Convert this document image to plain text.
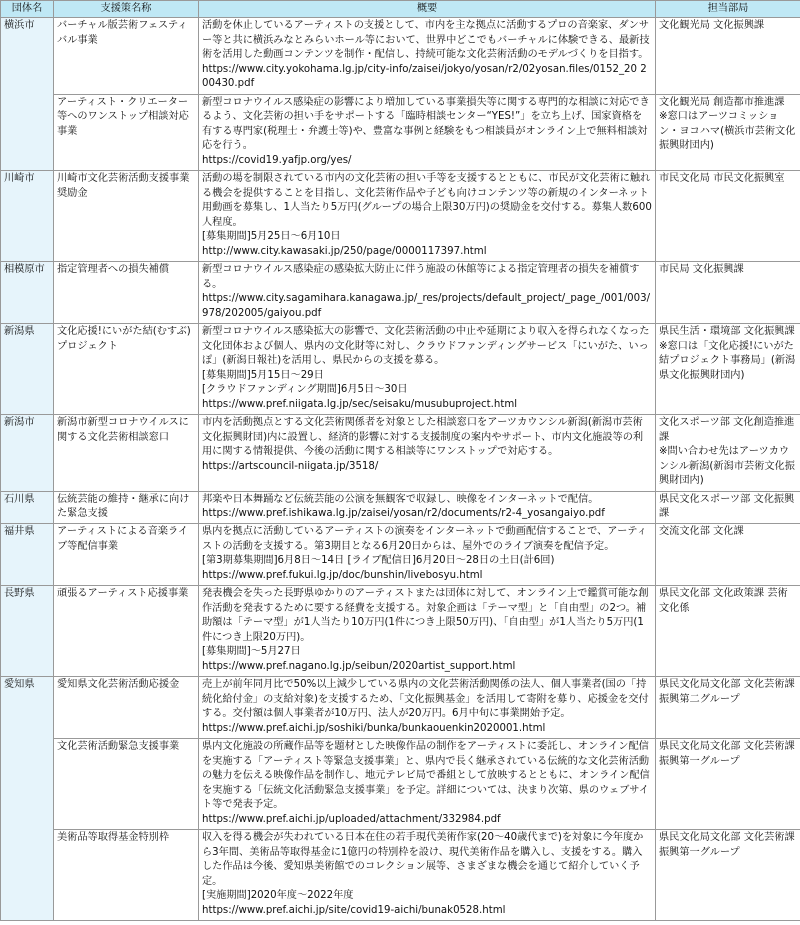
団体名	支援策名称	概要	担当部局
横浜市	バーチャル版芸術フェスティバル事業	活動を休止しているアーティストの支援として、市内を主な拠点に活動するプロの音楽家、ダンサー等と共に横浜みなとみらいホール等において、世界中どこでもバーチャルに体験できる、最新技術を活用した動画コンテンツを制作・配信し、持続可能な文化芸術活動のモデルづくりを目指す。
https://www.city.yokohama.lg.jp/city-info/zaisei/jokyo/yosan/r2/02yosan.files/0152_20 200430.pdf	文化観光局 文化振興課

	アーティスト・クリエーター等へのワンストップ相談対応事業	新型コロナウイルス感染症の影響により増加している事業損失等に関する専門的な相談に対応できるよう、文化芸術の担い手をサポートする「臨時相談センター“YES!”」を立ち上げ、国家資格を有する専門家(税理士・弁護士等)や、豊富な事例と経験をもつ相談員がオンライン上で無料相談対応を行う。
https://covid19.yafjp.org/yes/	文化観光局 創造都市推進課
※窓口はアーツコミッション・ヨコハマ(横浜市芸術文化振興財団内)

川崎市	川崎市文化芸術活動支援事業奨励金	活動の場を制限されている市内の文化芸術の担い手等を支援するとともに、市民が文化芸術に触れる機会を提供することを目指し、文化芸術作品や子ども向けコンテンツ等の新規のインターネット用動画を募集し、1人当たり5万円(グループの場合上限30万円)の奨励金を交付する。募集人数600人程度。
[募集期間]5月25日～6月10日
http://www.city.kawasaki.jp/250/page/0000117397.html	市民文化局 市民文化振興室

相模原市	指定管理者への損失補償	新型コロナウイルス感染症の感染拡大防止に伴う施設の休館等による指定管理者の損失を補償する。
https://www.city.sagamihara.kanagawa.jp/_res/projects/default_project/_page_/001/003/978/202005/gaiyou.pdf	市民局 文化振興課

新潟県	文化応援!にいがた結(むすぶ)プロジェクト	新型コロナウイルス感染拡大の影響で、文化芸術活動の中止や延期により収入を得られなくなった文化団体および個人、県内の文化財等に対し、クラウドファンディングサービス「にいがた、いっぽ」(新潟日報社)を活用し、県民からの支援を募る。
[募集期間]5月15日～29日
[クラウドファンディング期間]6月5日～30日
https://www.pref.niigata.lg.jp/sec/seisaku/musubuproject.html	県民生活・環境部 文化振興課
※窓口は「文化応援!にいがた結プロジェクト事務局」(新潟県文化振興財団内)

新潟市	新潟市新型コロナウイルスに関する文化芸術相談窓口	市内を活動拠点とする文化芸術関係者を対象とした相談窓口をアーツカウンシル新潟(新潟市芸術文化振興財団)内に設置し、経済的影響に対する支援制度の案内やサポート、市内文化施設等の利用に関する情報提供、今後の活動に関する相談等にワンストップで対応する。
https://artscouncil-niigata.jp/3518/	文化スポーツ部 文化創造推進課
※問い合わせ先はアーツカウンシル新潟(新潟市芸術文化振興財団内)

石川県	伝統芸能の維持・継承に向けた緊急支援	邦楽や日本舞踊など伝統芸能の公演を無観客で収録し、映像をインターネットで配信。
https://www.pref.ishikawa.lg.jp/zaisei/yosan/r2/documents/r2-4_yosangaiyo.pdf	県民文化スポーツ部 文化振興課

福井県	アーティストによる音楽ライブ等配信事業	県内を拠点に活動しているアーティストの演奏をインターネットで動画配信することで、アーティストの活動を支援する。第3期目となる6月20日からは、屋外でのライブ演奏を配信予定。
[第3期募集期間]6月8日～14日 [ライブ配信日]6月20日～28日の土日(計6回)
https://www.pref.fukui.lg.jp/doc/bunshin/livebosyu.html	交流文化部 文化課

長野県	頑張るアーティスト応援事業	発表機会を失った長野県ゆかりのアーティストまたは団体に対して、オンライン上で鑑賞可能な創作活動を発表するために要する経費を支援する。対象企画は「テーマ型」と「自由型」の2つ。補助額は「テーマ型」が1人当たり10万円(1件につき上限50万円)、「自由型」が1人当たり5万円(1件につき上限20万円)。
[募集期間]～5月27日
https://www.pref.nagano.lg.jp/seibun/2020artist_support.html	県民文化部 文化政策課 芸術文化係

愛知県	愛知県文化芸術活動応援金	売上が前年同月比で50%以上減少している県内の文化芸術活動関係の法人、個人事業者(国の「持続化給付金」の支給対象)を支援するため、「文化振興基金」を活用して寄附を募り、応援金を交付する。交付額は個人事業者が10万円、法人が20万円。6月中旬に事業開始予定。
https://www.pref.aichi.jp/soshiki/bunka/bunkaouenkin2020001.html	県民文化局文化部 文化芸術課 振興第二グループ

	文化芸術活動緊急支援事業	県内文化施設の所蔵作品等を題材とした映像作品の制作をアーティストに委託し、オンライン配信を実施する「アーティスト等緊急支援事業」と、県内で長く継承されている伝統的な文化芸術活動の魅力を伝える映像作品を制作し、地元テレビ局で番組として放映するとともに、オンライン配信を実施する「伝統文化活動緊急支援事業」を予定。詳細については、決まり次第、県のウェブサイト等で発表予定。
https://www.pref.aichi.jp/uploaded/attachment/332984.pdf	県民文化局文化部 文化芸術課 振興第一グループ

	美術品等取得基金特別枠	収入を得る機会が失われている日本在住の若手現代美術作家(20～40歳代まで)を対象に今年度から3年間、美術品等取得基金に1億円の特別枠を設け、現代美術作品を購入し、支援をする。購入した作品は今後、愛知県美術館でのコレクション展等、さまざまな機会を通じて紹介していく予定。
[実施期間]2020年度～2022年度
https://www.pref.aichi.jp/site/covid19-aichi/bunak0528.html	県民文化局文化部 文化芸術課 振興第一グループ
